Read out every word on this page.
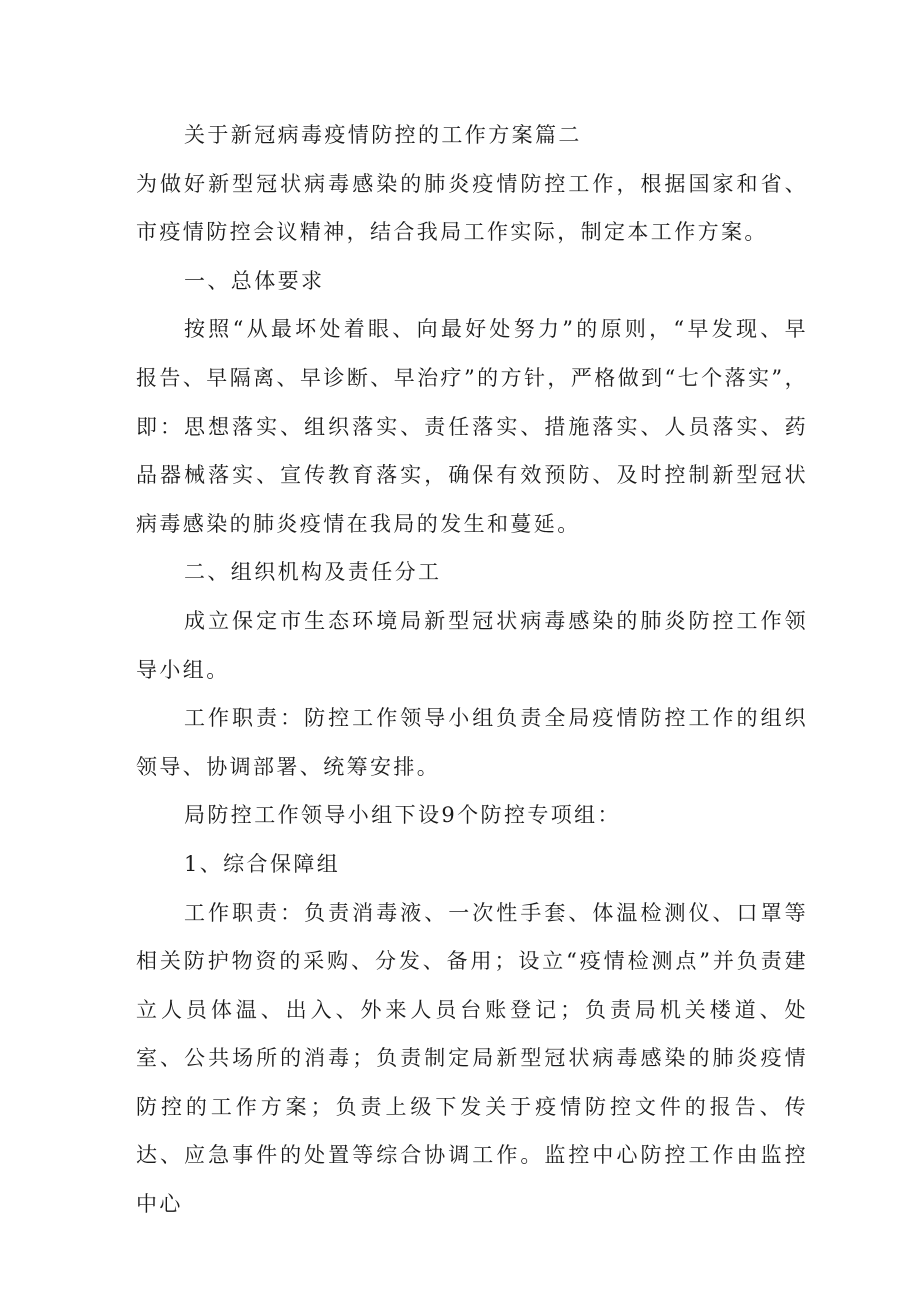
关于新冠病毒疫情防控的工作方案篇二

为做好新型冠状病毒感染的肺炎疫情防控工作，根据国家和省、市疫情防控会议精神，结合我局工作实际，制定本工作方案。

一、总体要求

按照“从最坏处着眼、向最好处努力”的原则，“早发现、早报告、早隔离、早诊断、早治疗”的方针，严格做到“七个落实”，即：思想落实、组织落实、责任落实、措施落实、人员落实、药品器械落实、宣传教育落实，确保有效预防、及时控制新型冠状病毒感染的肺炎疫情在我局的发生和蔓延。

二、组织机构及责任分工

成立保定市生态环境局新型冠状病毒感染的肺炎防控工作领导小组。

工作职责：防控工作领导小组负责全局疫情防控工作的组织领导、协调部署、统筹安排。

局防控工作领导小组下设9个防控专项组：

1、综合保障组

工作职责：负责消毒液、一次性手套、体温检测仪、口罩等相关防护物资的采购、分发、备用；设立“疫情检测点”并负责建立人员体温、出入、外来人员台账登记；负责局机关楼道、处室、公共场所的消毒；负责制定局新型冠状病毒感染的肺炎疫情防控的工作方案；负责上级下发关于疫情防控文件的报告、传达、应急事件的处置等综合协调工作。监控中心防控工作由监控中心
